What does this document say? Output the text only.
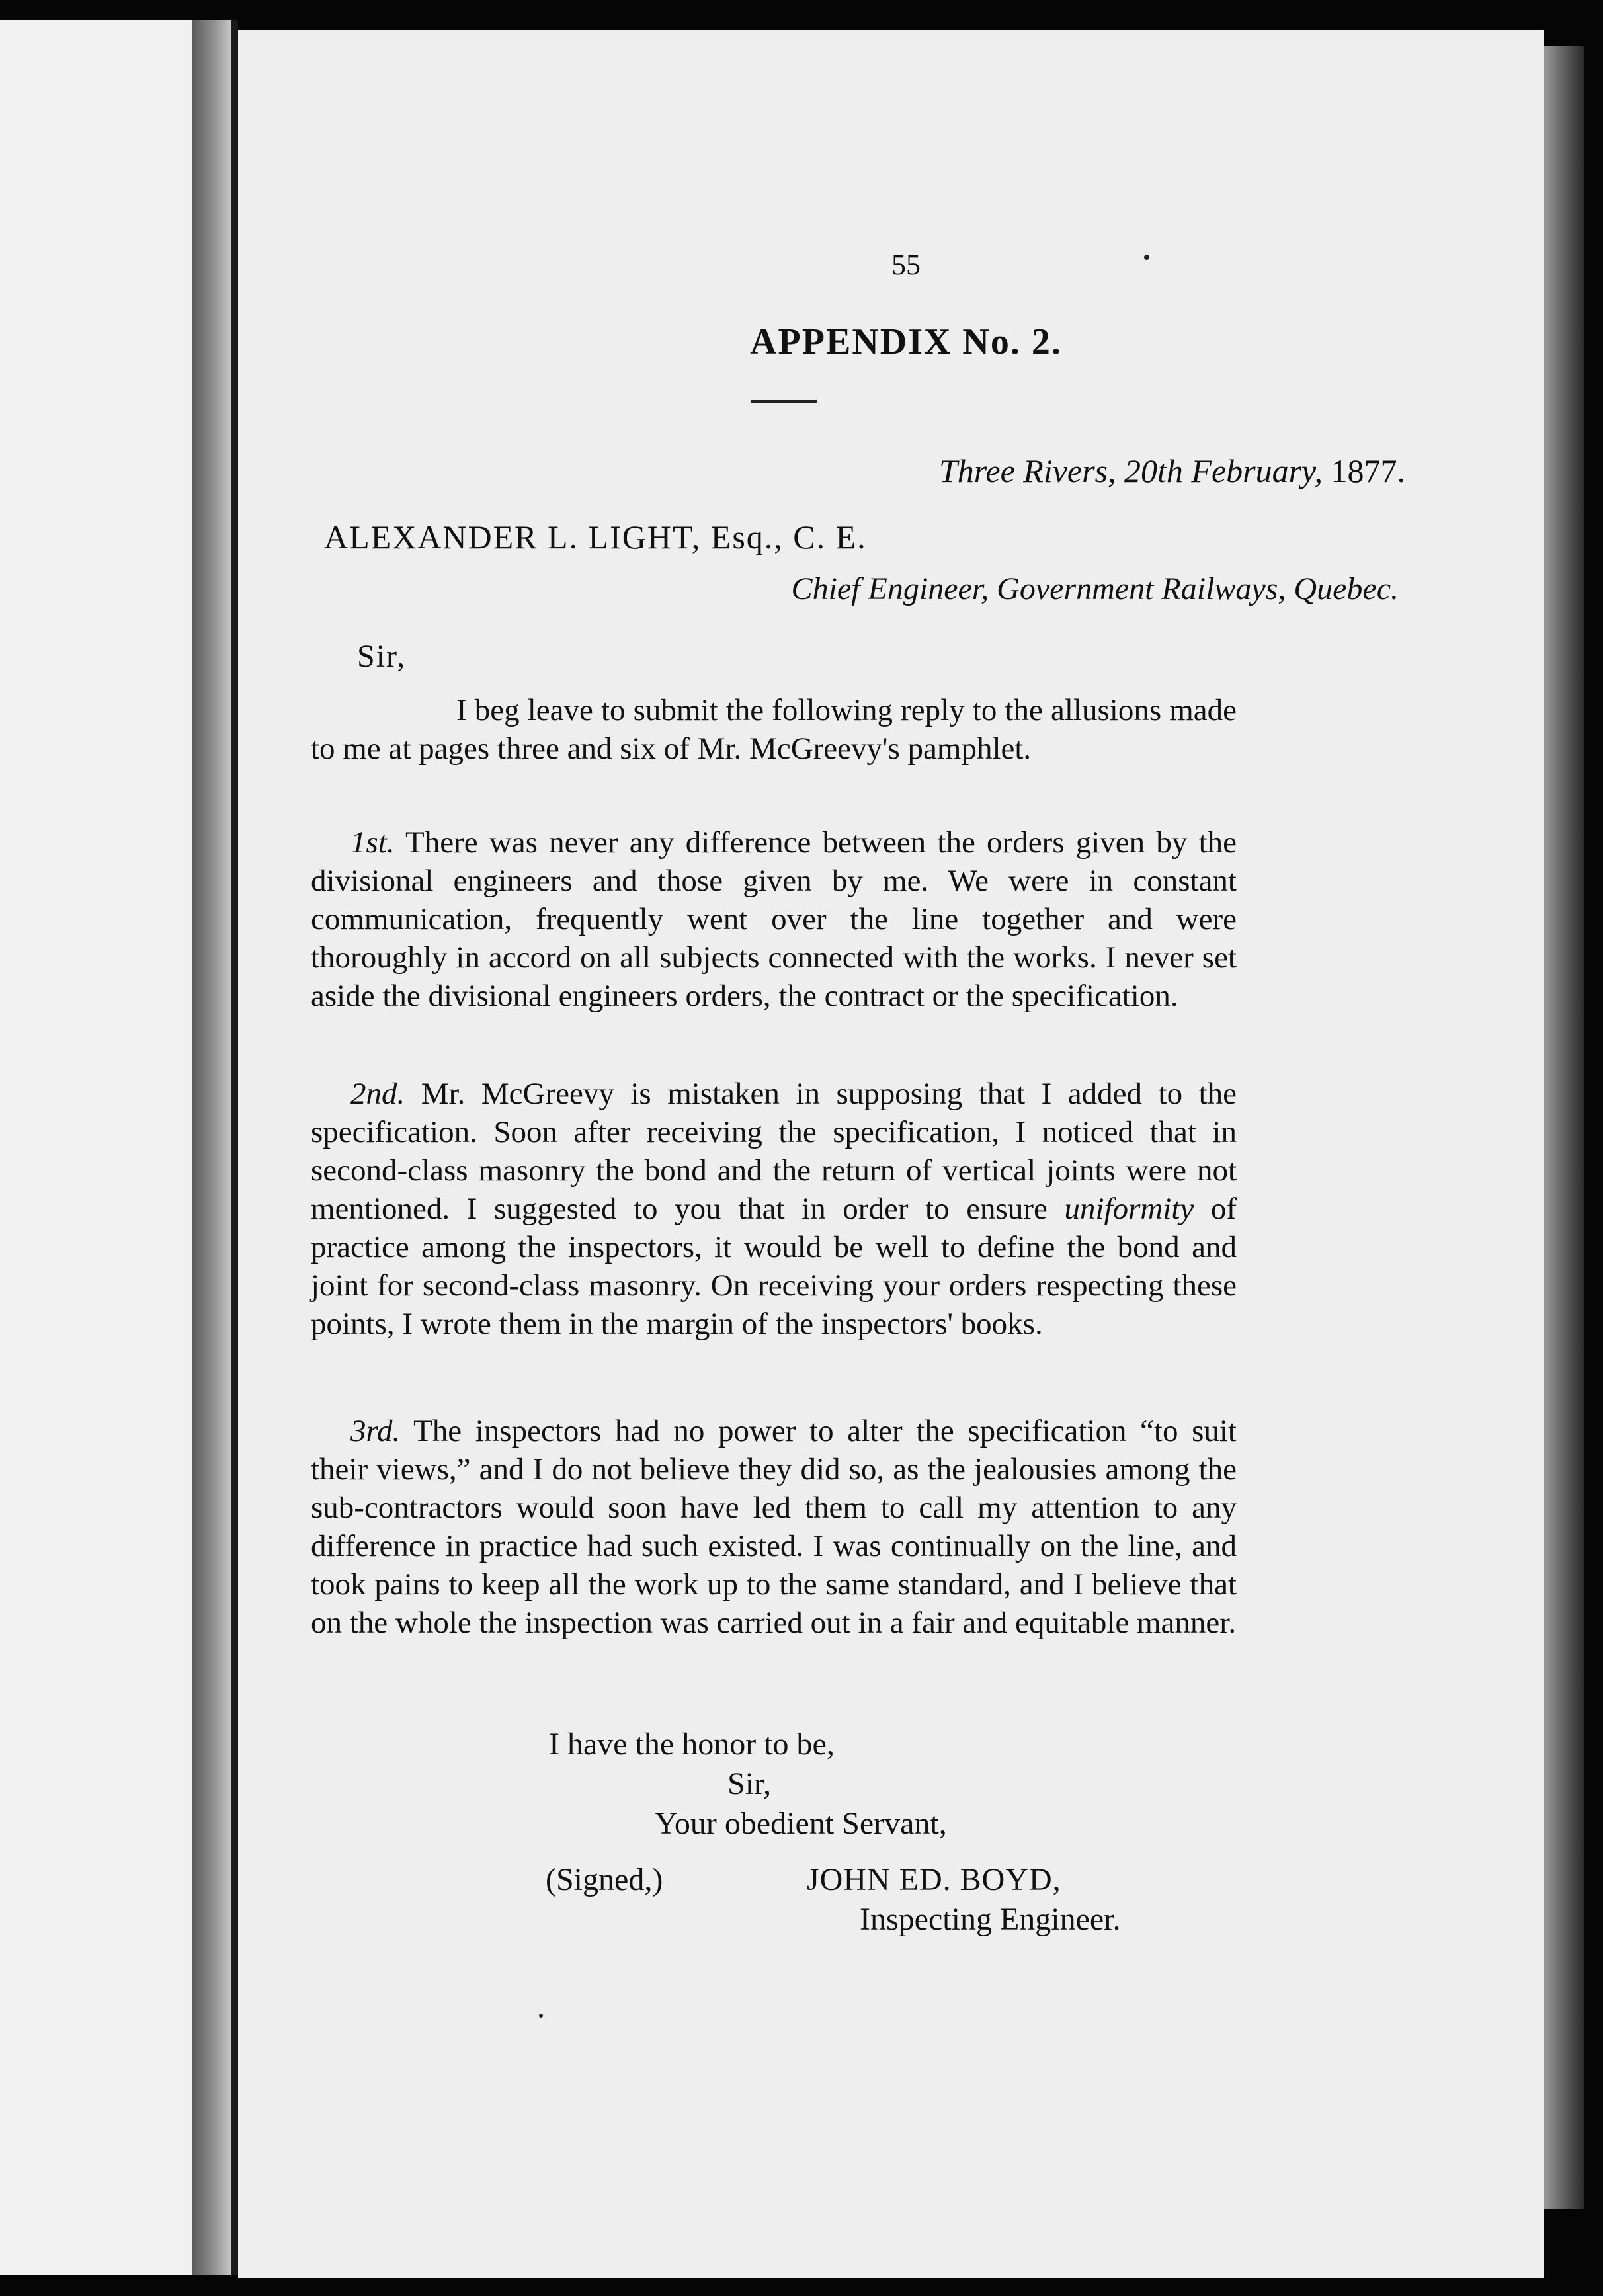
55
APPENDIX No. 2.
Three Rivers, 20th February, 1877.
ALEXANDER L. LIGHT, Esq., C. E.
Chief Engineer, Government Railways, Quebec.
Sir,
I beg leave to submit the following reply to the allusions made to me at pages three and six of Mr. McGreevy's pamphlet.
1st. There was never any difference between the orders given by the divisional engineers and those given by me. We were in constant communication, frequently went over the line together and were thoroughly in accord on all subjects connected with the works. I never set aside the divisional engineers orders, the contract or the specification.
2nd. Mr. McGreevy is mistaken in supposing that I added to the specification. Soon after receiving the specification, I noticed that in second-class masonry the bond and the return of vertical joints were not mentioned. I suggested to you that in order to ensure uniformity of practice among the inspectors, it would be well to define the bond and joint for second-class masonry. On receiving your orders respecting these points, I wrote them in the margin of the inspectors' books.
3rd. The inspectors had no power to alter the specification “to suit their views,” and I do not believe they did so, as the jealousies among the sub-contractors would soon have led them to call my attention to any difference in practice had such existed. I was continually on the line, and took pains to keep all the work up to the same standard, and I believe that on the whole the inspection was carried out in a fair and equitable manner.
I have the honor to be,
Sir,
Your obedient Servant,
(Signed,)	JOHN ED. BOYD,
Inspecting Engineer.
